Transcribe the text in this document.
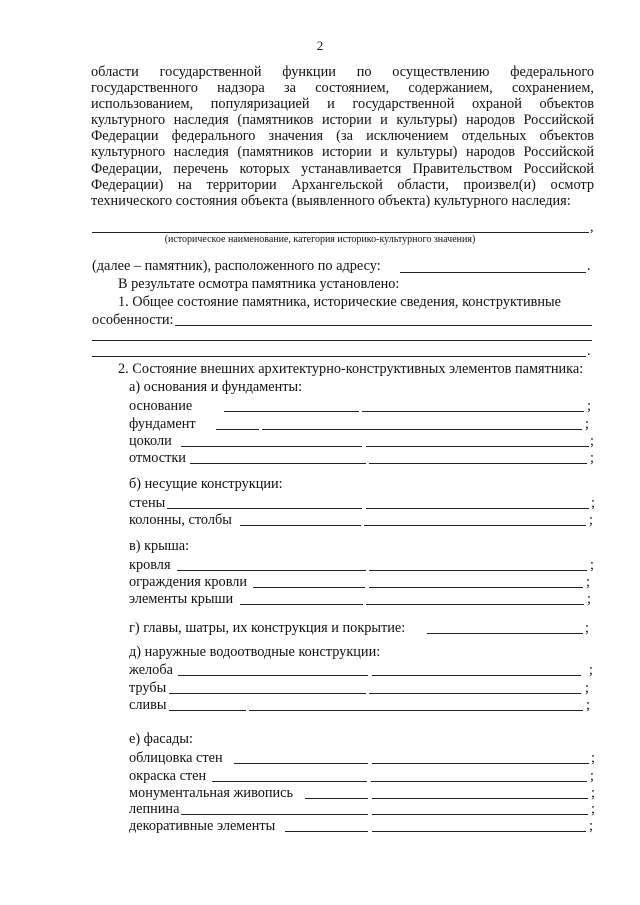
2
области государственной функции по осуществлению федерального государственного надзора за состоянием, содержанием, сохранением, использованием, популяризацией и государственной охраной объектов культурного наследия (памятников истории и культуры) народов Российской Федерации федерального значения (за исключением отдельных объектов культурного наследия (памятников истории и культуры) народов Российской Федерации, перечень которых устанавливается Правительством Российской Федерации) на территории Архангельской области, произвел(и) осмотр технического состояния объекта (выявленного объекта) культурного наследия:
,
(историческое наименование, категория историко-культурного значения)
(далее – памятник), расположенного по адресу:	.
В результате осмотра памятника установлено:
1. Общее состояние памятника, исторические сведения, конструктивные
особенности:
.
2. Состояние внешних архитектурно-конструктивных элементов памятника:
а) основания и фундаменты:
основание	;
фундамент	;
цоколи	;
отмостки	;
б) несущие конструкции:
стены	;
колонны, столбы	;
в) крыша:
кровля	;
ограждения кровли	;
элементы крыши	;
г) главы, шатры, их конструкция и покрытие:	;
д) наружные водоотводные конструкции:
желоба	;
трубы	;
сливы	;
е) фасады:
облицовка стен	;
окраска стен	;
монументальная живопись	;
лепнина	;
декоративные элементы	;
